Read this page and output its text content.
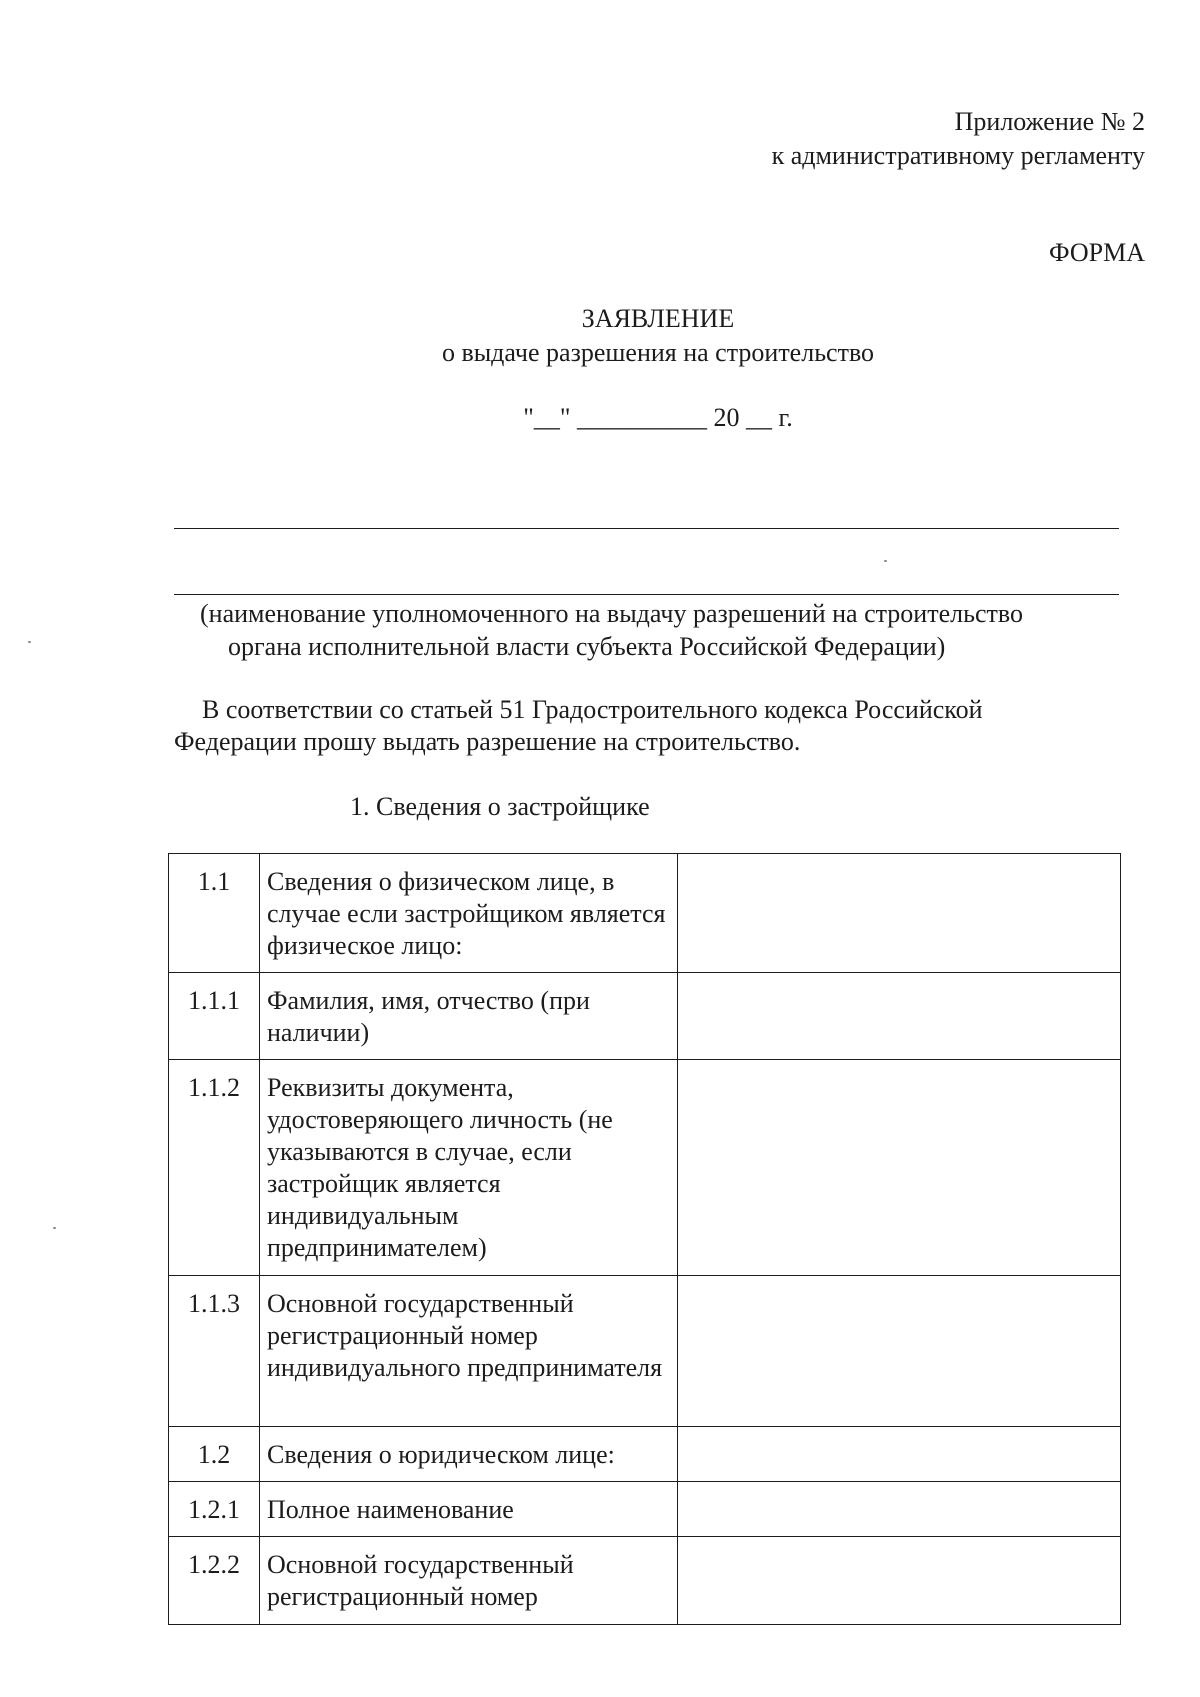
Приложение № 2
к административному регламенту
ФОРМА
ЗАЯВЛЕНИЕ
о выдаче разрешения на строительство
"__" __________ 20 __ г.
(наименование уполномоченного на выдачу разрешений на строительство
органа исполнительной власти субъекта Российской Федерации)
В соответствии со статьей 51 Градостроительного кодекса Российской
Федерации прошу выдать разрешение на строительство.
1. Сведения о застройщике
1.1	Сведения о физическом лице, в случае если застройщиком является физическое лицо:	
1.1.1	Фамилия, имя, отчество (при наличии)	
1.1.2	Реквизиты документа, удостоверяющего личность (не указываются в случае, если застройщик является индивидуальным предпринимателем)	
1.1.3	Основной государственный регистрационный номер индивидуального предпринимателя	
1.2	Сведения о юридическом лице:	
1.2.1	Полное наименование	
1.2.2	Основной государственный регистрационный номер	
